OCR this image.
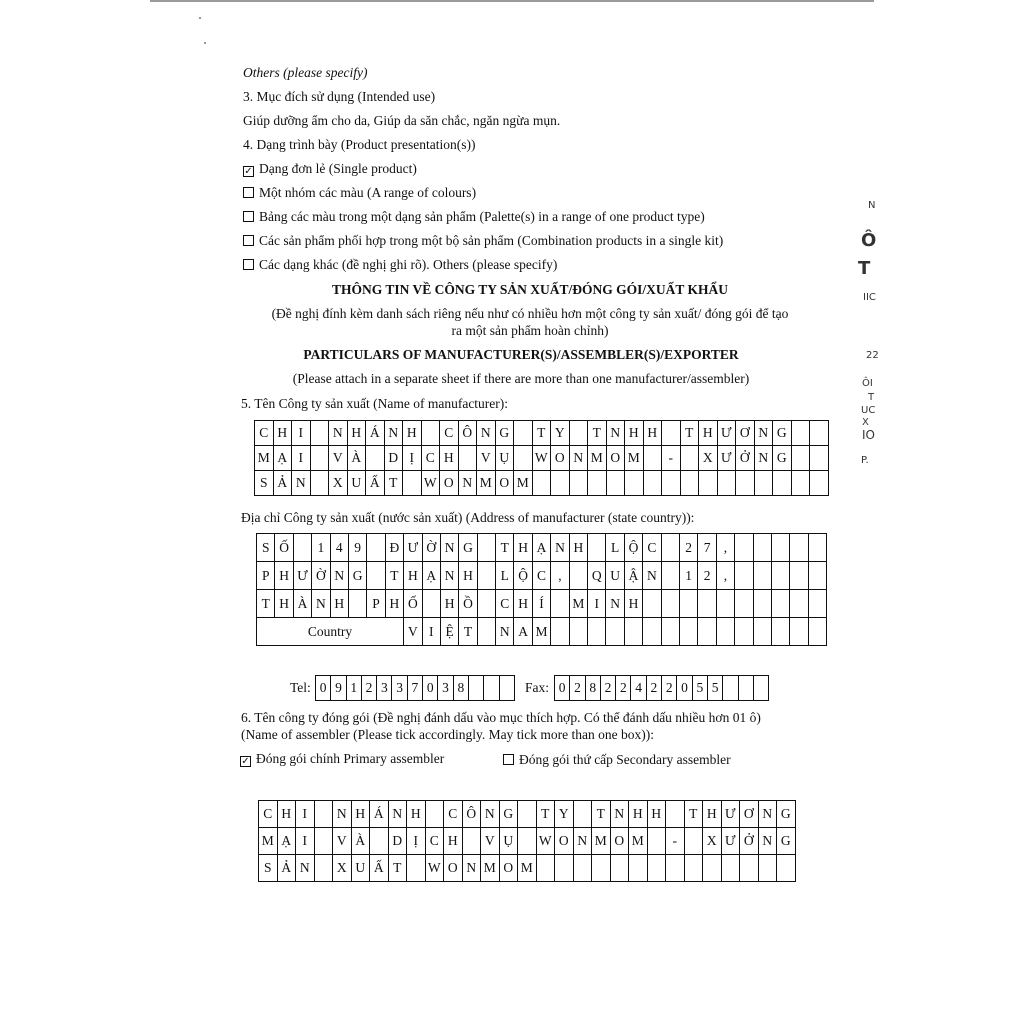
Others (please specify)
3. Mục đích sử dụng (Intended use)
Giúp dưỡng ẩm cho da, Giúp da săn chắc, ngăn ngừa mụn.
4. Dạng trình bày (Product presentation(s))
✓ Dạng đơn lẻ (Single product)
Một nhóm các màu (A range of colours)
Bảng các màu trong một dạng sản phẩm (Palette(s) in a range of one product type)
Các sản phẩm phối hợp trong một bộ sản phẩm (Combination products in a single kit)
Các dạng khác (đề nghị ghi rõ). Others (please specify)
THÔNG TIN VỀ CÔNG TY SẢN XUẤT/ĐÓNG GÓI/XUẤT KHẨU
(Đề nghị đính kèm danh sách riêng nếu như có nhiều hơn một công ty sản xuất/ đóng gói để tạo
ra một sản phẩm hoàn chỉnh)
PARTICULARS OF MANUFACTURER(S)/ASSEMBLER(S)/EXPORTER
(Please attach in a separate sheet if there are more than one manufacturer/assembler)
5. Tên Công ty sản xuất (Name of manufacturer):
C	H	I		N	H	Á	N	H		C	Ô	N	G		T	Y		T	N	H	H		T	H	Ư	Ơ	N	G		
M	Ạ	I		V	À		D	Ị	C	H		V	Ụ		W	O	N	M	O	M		-		X	Ư	Ở	N	G		
S	Ả	N		X	U	Ấ	T		W	O	N	M	O	M																
Địa chỉ Công ty sản xuất (nước sản xuất) (Address of manufacturer (state country)):
S	Ố		1	4	9		Đ	Ư	Ờ	N	G		T	H	Ạ	N	H		L	Ộ	C		2	7	,					
P	H	Ư	Ờ	N	G		T	H	Ạ	N	H		L	Ộ	C	,		Q	U	Ậ	N		1	2	,					
T	H	À	N	H		P	H	Ố		H	Ồ		C	H	Í		M	I	N	H										
Country								V	I	Ệ	T		N	A	M															
Tel: 0	9	1	2	3	3	7	0	3	8				Fax: 0	2	8	2	2	4	2	2	0	5	5			
6. Tên công ty đóng gói (Đề nghị đánh dấu vào mục thích hợp. Có thể đánh dấu nhiều hơn 01 ô)
(Name of assembler (Please tick accordingly. May tick more than one box)):
✓ Đóng gói chính Primary assembler	Đóng gói thứ cấp Secondary assembler
C	H	I		N	H	Á	N	H		C	Ô	N	G		T	Y		T	N	H	H		T	H	Ư	Ơ	N	G
M	Ạ	I		V	À		D	Ị	C	H		V	Ụ		W	O	N	M	O	M		-		X	Ư	Ở	N	G
S	Ả	N		X	U	Ấ	T		W	O	N	M	O	M														
N
Ô
T
IIC
22
ÔI
T
UC
X
IO
P.
